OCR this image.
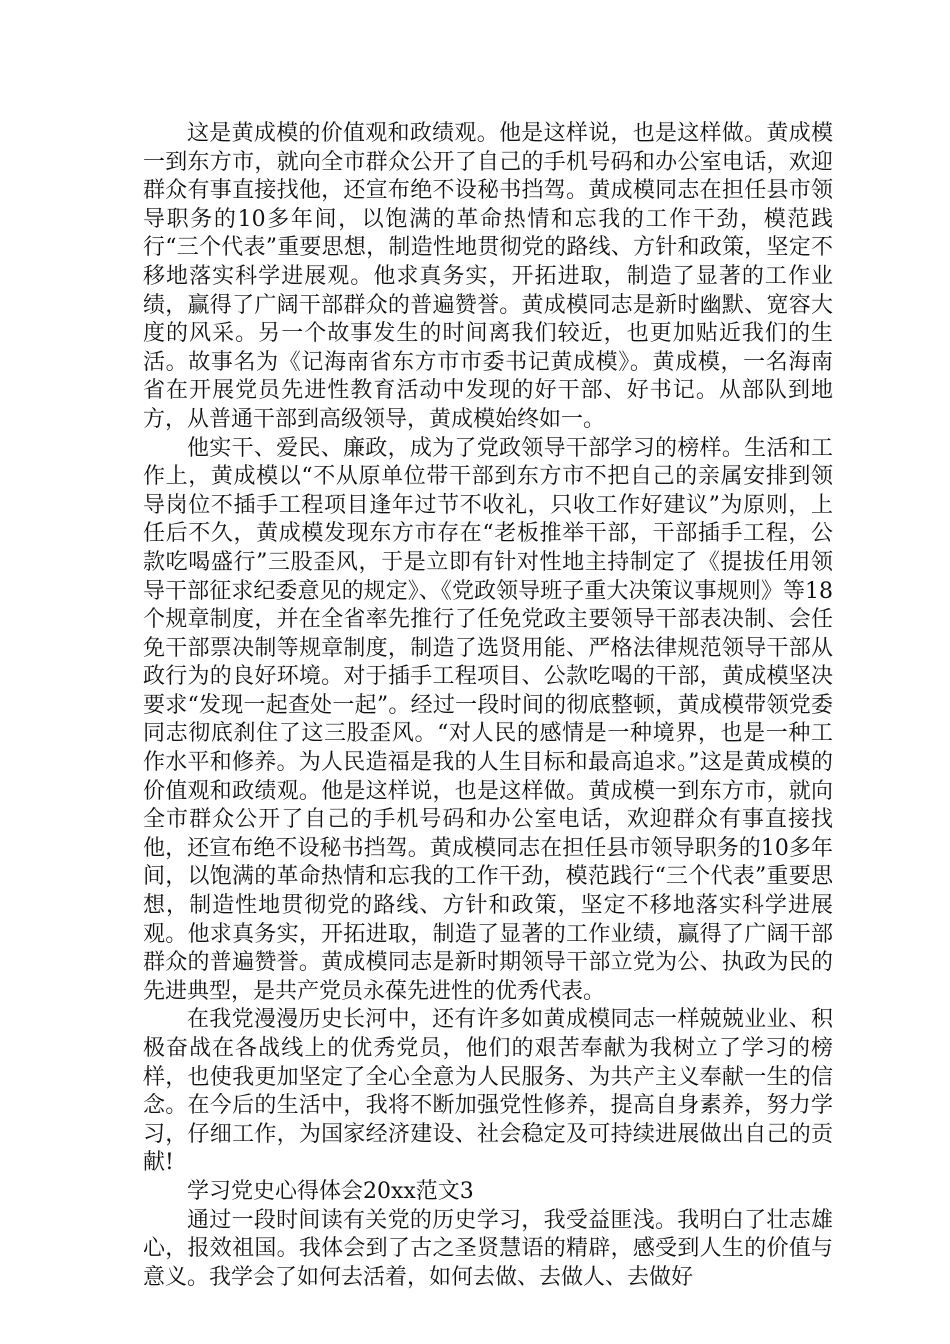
这是黄成模的价值观和政绩观。他是这样说，也是这样做。黄成模一到东方市，就向全市群众公开了自己的手机号码和办公室电话，欢迎群众有事直接找他，还宣布绝不设秘书挡驾。黄成模同志在担任县市领导职务的10多年间，以饱满的革命热情和忘我的工作干劲，模范践行“三个代表”重要思想，制造性地贯彻党的路线、方针和政策，坚定不移地落实科学进展观。他求真务实，开拓进取，制造了显著的工作业绩，赢得了广阔干部群众的普遍赞誉。黄成模同志是新时幽默、宽容大度的风采。另一个故事发生的时间离我们较近，也更加贴近我们的生活。故事名为《记海南省东方市市委书记黄成模》。黄成模，一名海南省在开展党员先进性教育活动中发现的好干部、好书记。从部队到地方，从普通干部到高级领导，黄成模始终如一。

他实干、爱民、廉政，成为了党政领导干部学习的榜样。生活和工作上，黄成模以“不从原单位带干部到东方市不把自己的亲属安排到领导岗位不插手工程项目逢年过节不收礼，只收工作好建议”为原则，上任后不久，黄成模发现东方市存在“老板推举干部，干部插手工程，公款吃喝盛行”三股歪风，于是立即有针对性地主持制定了《提拔任用领导干部征求纪委意见的规定》、《党政领导班子重大决策议事规则》等18个规章制度，并在全省率先推行了任免党政主要领导干部表决制、会任免干部票决制等规章制度，制造了选贤用能、严格法律规范领导干部从政行为的良好环境。对于插手工程项目、公款吃喝的干部，黄成模坚决要求“发现一起查处一起”。经过一段时间的彻底整顿，黄成模带领党委同志彻底刹住了这三股歪风。“对人民的感情是一种境界，也是一种工作水平和修养。为人民造福是我的人生目标和最高追求。”这是黄成模的价值观和政绩观。他是这样说，也是这样做。黄成模一到东方市，就向全市群众公开了自己的手机号码和办公室电话，欢迎群众有事直接找他，还宣布绝不设秘书挡驾。黄成模同志在担任县市领导职务的10多年间，以饱满的革命热情和忘我的工作干劲，模范践行“三个代表”重要思想，制造性地贯彻党的路线、方针和政策，坚定不移地落实科学进展观。他求真务实，开拓进取，制造了显著的工作业绩，赢得了广阔干部群众的普遍赞誉。黄成模同志是新时期领导干部立党为公、执政为民的先进典型，是共产党员永葆先进性的优秀代表。

在我党漫漫历史长河中，还有许多如黄成模同志一样兢兢业业、积极奋战在各战线上的优秀党员，他们的艰苦奉献为我树立了学习的榜样，也使我更加坚定了全心全意为人民服务、为共产主义奉献一生的信念。在今后的生活中，我将不断加强党性修养，提高自身素养，努力学习，仔细工作，为国家经济建设、社会稳定及可持续进展做出自己的贡献!

学习党史心得体会20xx范文3

通过一段时间读有关党的历史学习，我受益匪浅。我明白了壮志雄心，报效祖国。我体会到了古之圣贤慧语的精辟，感受到人生的价值与意义。我学会了如何去活着，如何去做、去做人、去做好
